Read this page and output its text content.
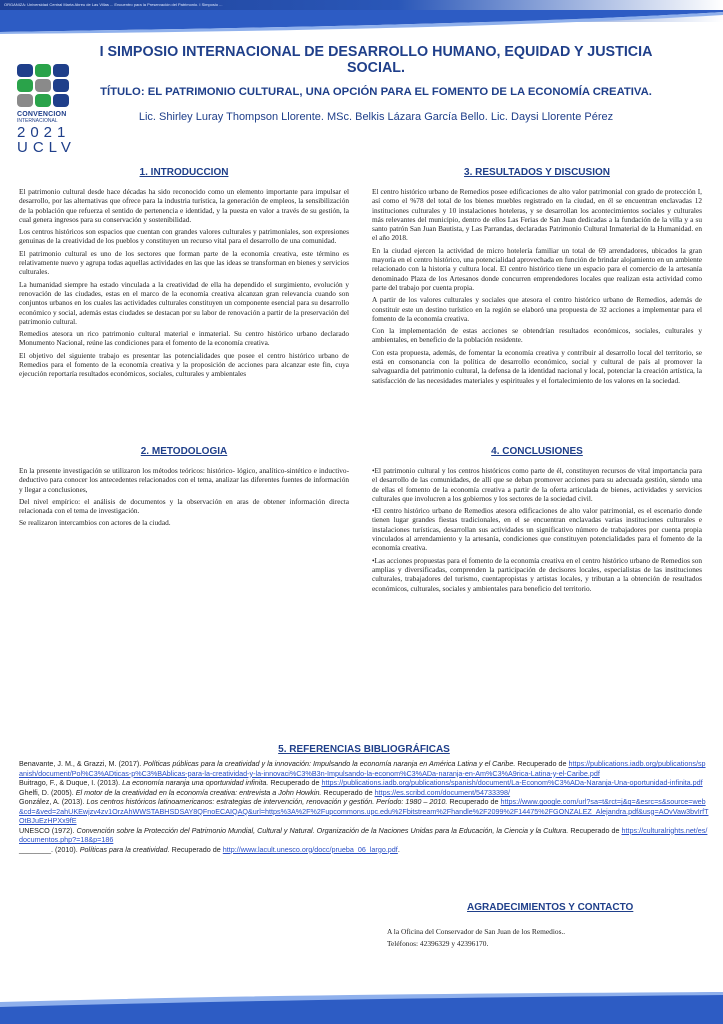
ORGANIZA: Universidad Central Marta Abreu de Las Villas ... Encuentro para la Preservación del Patrimonio. I Simposio ...
CONVENCION
INTERNACIONAL
2021
UCLV
I SIMPOSIO INTERNACIONAL DE DESARROLLO HUMANO, EQUIDAD Y JUSTICIA SOCIAL.
TÍTULO: EL PATRIMONIO CULTURAL, UNA OPCIÓN PARA EL FOMENTO DE LA ECONOMÍA CREATIVA.
Lic. Shirley Luray Thompson Llorente. MSc. Belkis Lázara García Bello. Lic. Daysi Llorente Pérez
1. INTRODUCCION

El patrimonio cultural desde hace décadas ha sido reconocido como un elemento importante para impulsar el desarrollo, por las alternativas que ofrece para la industria turística, la generación de empleos, la sensibilización de la población que refuerza el sentido de pertenencia e identidad, y la puesta en valor a través de su gestión, la cual genera ingresos para su conservación y sostenibilidad.

Los centros históricos son espacios que cuentan con grandes valores culturales y patrimoniales, son expresiones genuinas de la creatividad de los pueblos y constituyen un recurso vital para el desarrollo de una comunidad.

El patrimonio cultural es uno de los sectores que forman parte de la economía creativa, este término es relativamente nuevo y agrupa todas aquellas actividades en las que las ideas se transforman en bienes y servicios culturales.

La humanidad siempre ha estado vinculada a la creatividad de ella ha dependido el surgimiento, evolución y renovación de las ciudades, estas en el marco de la economía creativa alcanzan gran relevancia cuando son conjuntos urbanos en los cuales las actividades culturales constituyen un componente esencial para su desarrollo económico y social, además estas ciudades se destacan por su labor de renovación a partir de la preservación del patrimonio cultural.

Remedios atesora un rico patrimonio cultural material e inmaterial. Su centro histórico urbano declarado Monumento Nacional, reúne las condiciones para el fomento de la economía creativa.

El objetivo del siguiente trabajo es presentar las potencialidades que posee el centro histórico urbano de Remedios para el fomento de la economía creativa y la proposición de acciones para alcanzar este fin, cuya ejecución reportaría resultados económicos, sociales, culturales y ambientales

2. METODOLOGIA

En la presente investigación se utilizaron los métodos teóricos: histórico- lógico, analítico-sintético e inductivo-deductivo para conocer los antecedentes relacionados con el tema, analizar las diferentes fuentes de información y llegar a conclusiones,

Del nivel empírico: el análisis de documentos y la observación en aras de obtener información directa relacionada con el tema de investigación.

Se realizaron intercambios con actores de la ciudad.

3. RESULTADOS Y DISCUSION

El centro histórico urbano de Remedios posee edificaciones de alto valor patrimonial con grado de protección I, así como el %78 del total de los bienes muebles registrado en la ciudad, en él se encuentran enclavadas 12 instituciones culturales y 10 instalaciones hoteleras, y se desarrollan los acontecimientos sociales y culturales más relevantes del municipio, dentro de ellos Las Ferias de San Juan dedicadas a la fundación de la villa y a su santo patrón San Juan Bautista, y Las Parrandas, declaradas Patrimonio Cultural Inmaterial de la Humanidad. en el año 2018.

En la ciudad ejercen la actividad de micro hotelería familiar un total de 69 arrendadores, ubicados la gran mayoría en el centro histórico, una potencialidad aprovechada en función de brindar alojamiento en un ambiente relacionado con la historia y cultura local. El centro histórico tiene un espacio para el comercio de la artesanía denominado Plaza de los Artesanos donde concurren emprendedores locales que realizan esta actividad como parte del trabajo por cuenta propia.

A partir de los valores culturales y sociales que atesora el centro histórico urbano de Remedios, además de constituir este un destino turístico en la región se elaboró una propuesta de 32 acciones a implementar para el fomento de la economía creativa.

Con la implementación de estas acciones se obtendrían resultados económicos, sociales, culturales y ambientales, en beneficio de la población residente.

Con esta propuesta, además, de fomentar la economía creativa y contribuir al desarrollo local del territorio, se está en consonancia con la política de desarrollo económico, social y cultural de país al promover la salvaguardia del patrimonio cultural, la defensa de la identidad nacional y local, potenciar la creación artística, la satisfacción de las necesidades materiales y espirituales y el fortalecimiento de los valores en la sociedad.

4. CONCLUSIONES

•El patrimonio cultural y los centros históricos como parte de él, constituyen recursos de vital importancia para el desarrollo de las comunidades, de allí que se deban promover acciones para su adecuada gestión, siendo una de ellas el fomento de la economía creativa a partir de la oferta articulada de bienes, actividades y servicios culturales que involucren a los gobiernos y los sectores de la sociedad civil.

•El centro histórico urbano de Remedios atesora edificaciones de alto valor patrimonial, es el escenario donde tienen lugar grandes fiestas tradicionales, en el se encuentran enclavadas varias instituciones culturales e instalaciones turísticas, desarrollan sus actividades un significativo número de trabajadores por cuenta propia vinculados al arrendamiento y la artesanía, condiciones que constituyen potencialidades para el fomento de la economía creativa.

•Las acciones propuestas para el fomento de la economía creativa en el centro histórico urbano de Remedios son amplias y diversificadas, comprenden la participación de decisores locales, especialistas de las instituciones culturales, trabajadores del turismo, cuentapropistas y artistas locales, y tributan a la obtención de resultados económicos, culturales, sociales y ambientales para beneficio del territorio.

5. REFERENCIAS BIBLIOGRÁFICAS
Benavante, J. M., & Grazzi, M. (2017). Políticas públicas para la creatividad y la innovación: Impulsando la economía naranja en América Latina y el Caribe. Recuperado de https://publications.iadb.org/publications/spanish/document/Pol%C3%ADticas-p%C3%BAblicas-para-la-creatividad-y-la-innovaci%C3%B3n-Impulsando-la-econom%C3%ADa-naranja-en-Am%C3%A9rica-Latina-y-el-Caribe.pdf
Buitrago, F., & Duque, I. (2013). La economía naranja una oportunidad infinita. Recuperado de https://publications.iadb.org/publications/spanish/document/La-Econom%C3%ADa-Naranja-Una-oportunidad-infinita.pdf
Ghelfi, D. (2005). El motor de la creatividad en la economía creativa: entrevista a John Howkin. Recuperado de https://es.scribd.com/document/54733398/
González, A. (2013). Los centros históricos latinoamericanos: estrategias de intervención, renovación y gestión. Período: 1980 – 2010. Recuperado de https://www.google.com/url?sa=t&rct=j&q=&esrc=s&source=web&cd=&ved=2ahUKEwjzv4zv1OrzAhWWSTABHSDSAY8QFnoECAIQAQ&url=https%3A%2F%2Fupcommons.upc.edu%2Fbitstream%2Fhandle%2F2099%2F14475%2FGONZALEZ_Alejandra.pdf&usg=AOvVaw3bvIrfTOtBJuEzHPXx9fE
UNESCO (1972). Convención sobre la Protección del Patrimonio Mundial, Cultural y Natural. Organización de la Naciones Unidas para la Educación, la Ciencia y la Cultura. Recuperado de https://culturalrights.net/es/documentos.php?=18&p=186
________. (2010). Políticas para la creatividad. Recuperado de http://www.lacult.unesco.org/docc/prueba_06_largo.pdf.
AGRADECIMIENTOS Y CONTACTO
A la Oficina del Conservador de San Juan de los Remedios..
Teléfonos: 42396329 y 42396170.
